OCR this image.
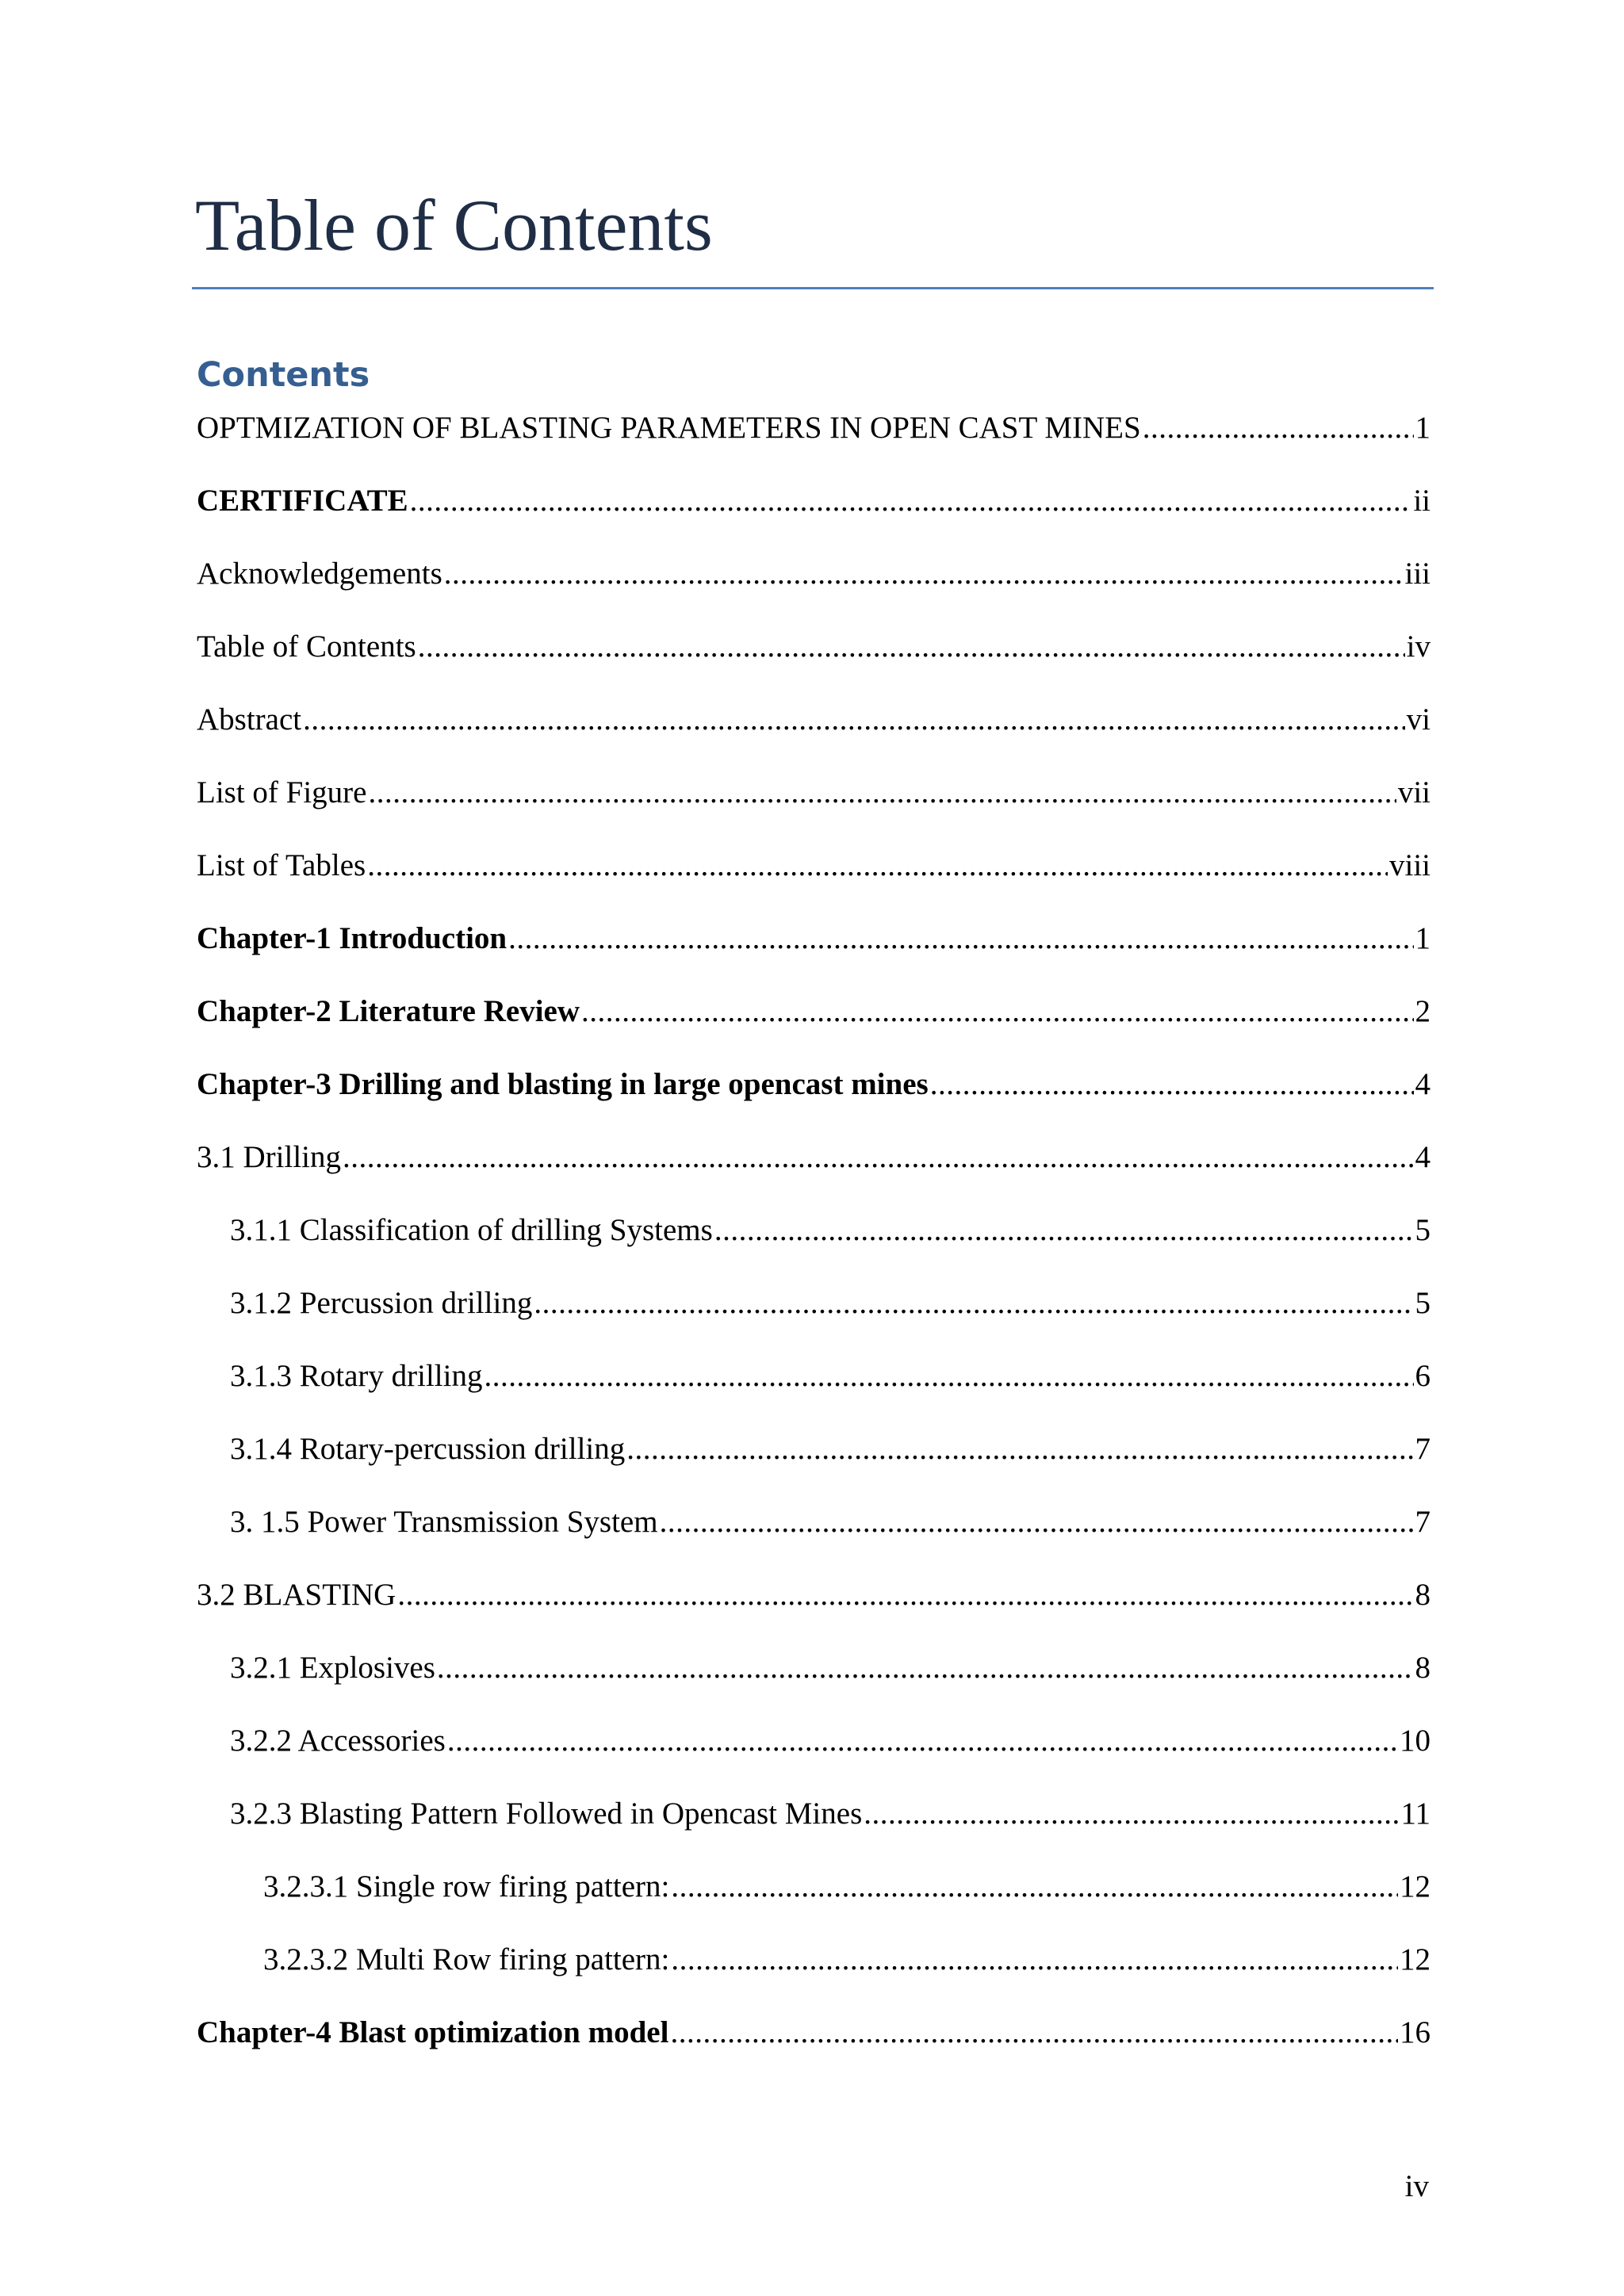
Table of Contents
Contents
OPTMIZATION OF BLASTING PARAMETERS IN OPEN CAST MINES .....	1
CERTIFICATE .....	ii
Acknowledgements .....	iii
Table of Contents .....	iv
Abstract .....	vi
List of Figure .....	vii
List of Tables .....	viii
Chapter-1 Introduction .....	1
Chapter-2 Literature Review .....	2
Chapter-3 Drilling and blasting in large opencast mines .....	4
3.1 Drilling .....	4
3.1.1 Classification of drilling Systems .....	5
3.1.2 Percussion drilling .....	5
3.1.3 Rotary drilling .....	6
3.1.4 Rotary-percussion drilling .....	7
3. 1.5 Power Transmission System .....	7
3.2 BLASTING .....	8
3.2.1 Explosives .....	8
3.2.2 Accessories .....	10
3.2.3 Blasting Pattern Followed in Opencast Mines .....	11
3.2.3.1 Single row firing pattern: .....	12
3.2.3.2 Multi Row firing pattern: .....	12
Chapter-4 Blast optimization model .....	16
iv
